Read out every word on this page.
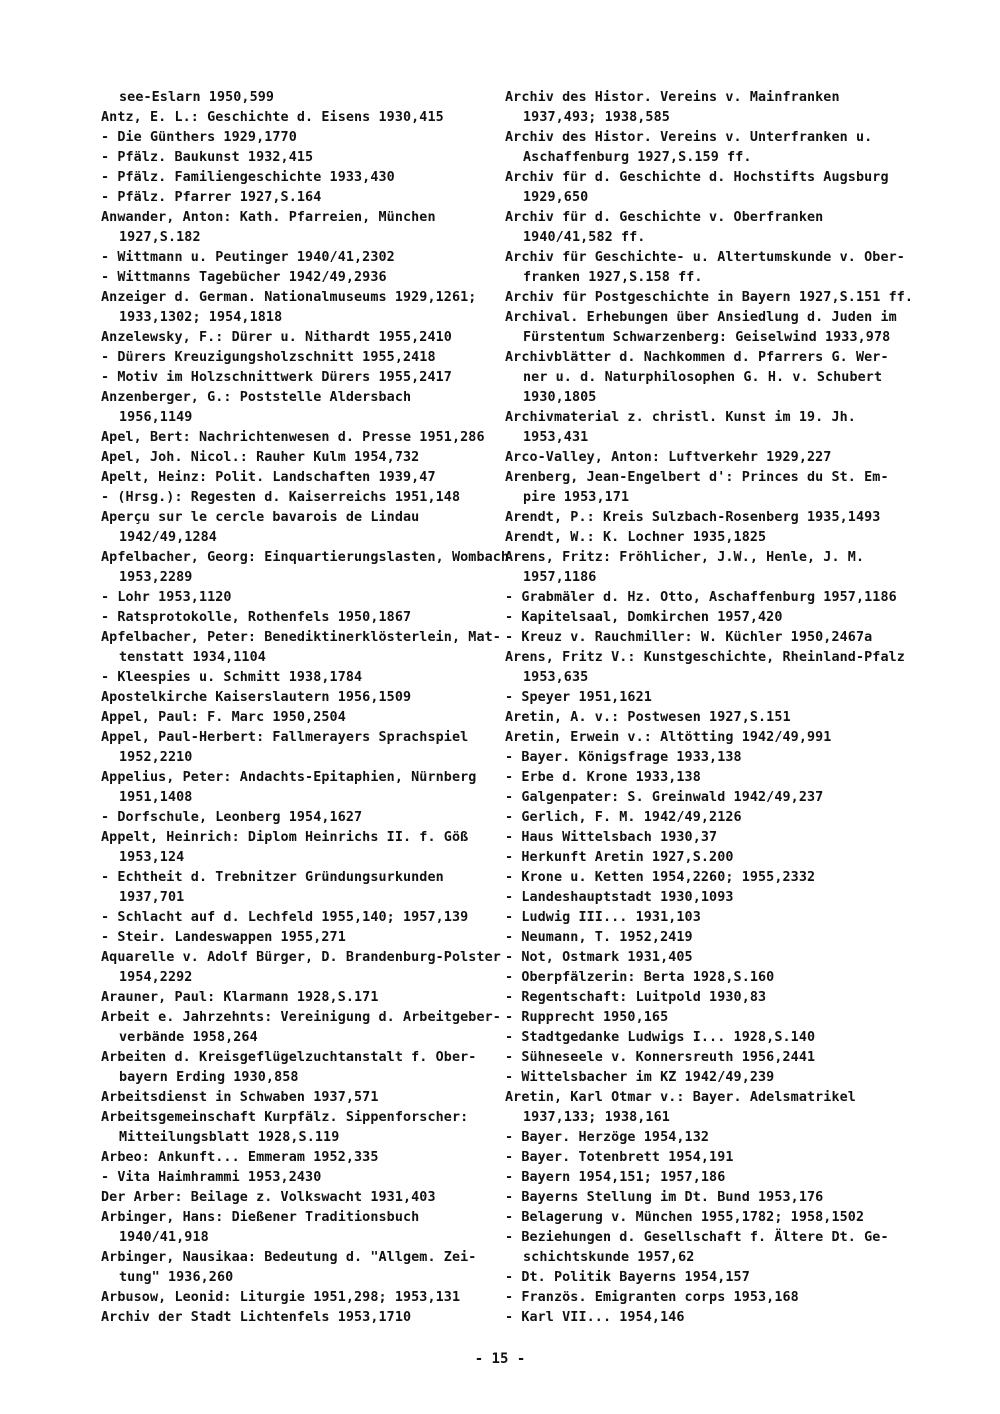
see-Eslarn 1950,599
Antz, E. L.: Geschichte d. Eisens 1930,415
- Die Günthers 1929,1770
- Pfälz. Baukunst 1932,415
- Pfälz. Familiengeschichte 1933,430
- Pfälz. Pfarrer 1927,S.164
Anwander, Anton: Kath. Pfarreien, München
1927,S.182
- Wittmann u. Peutinger 1940/41,2302
- Wittmanns Tagebücher 1942/49,2936
Anzeiger d. German. Nationalmuseums 1929,1261;
1933,1302; 1954,1818
Anzelewsky, F.: Dürer u. Nithardt 1955,2410
- Dürers Kreuzigungsholzschnitt 1955,2418
- Motiv im Holzschnittwerk Dürers 1955,2417
Anzenberger, G.: Poststelle Aldersbach
1956,1149
Apel, Bert: Nachrichtenwesen d. Presse 1951,286
Apel, Joh. Nicol.: Rauher Kulm 1954,732
Apelt, Heinz: Polit. Landschaften 1939,47
- (Hrsg.): Regesten d. Kaiserreichs 1951,148
Aperçu sur le cercle bavarois de Lindau
1942/49,1284
Apfelbacher, Georg: Einquartierungslasten, Wombach
1953,2289
- Lohr 1953,1120
- Ratsprotokolle, Rothenfels 1950,1867
Apfelbacher, Peter: Benediktinerklösterlein, Mat-
tenstatt 1934,1104
- Kleespies u. Schmitt 1938,1784
Apostelkirche Kaiserslautern 1956,1509
Appel, Paul: F. Marc 1950,2504
Appel, Paul-Herbert: Fallmerayers Sprachspiel
1952,2210
Appelius, Peter: Andachts-Epitaphien, Nürnberg
1951,1408
- Dorfschule, Leonberg 1954,1627
Appelt, Heinrich: Diplom Heinrichs II. f. Göß
1953,124
- Echtheit d. Trebnitzer Gründungsurkunden
1937,701
- Schlacht auf d. Lechfeld 1955,140; 1957,139
- Steir. Landeswappen 1955,271
Aquarelle v. Adolf Bürger, D. Brandenburg-Polster
1954,2292
Arauner, Paul: Klarmann 1928,S.171
Arbeit e. Jahrzehnts: Vereinigung d. Arbeitgeber-
verbände 1958,264
Arbeiten d. Kreisgeflügelzuchtanstalt f. Ober-
bayern Erding 1930,858
Arbeitsdienst in Schwaben 1937,571
Arbeitsgemeinschaft Kurpfälz. Sippenforscher:
Mitteilungsblatt 1928,S.119
Arbeo: Ankunft... Emmeram 1952,335
- Vita Haimhrammi 1953,2430
Der Arber: Beilage z. Volkswacht 1931,403
Arbinger, Hans: Dießener Traditionsbuch
1940/41,918
Arbinger, Nausikaa: Bedeutung d. "Allgem. Zei-
tung" 1936,260
Arbusow, Leonid: Liturgie 1951,298; 1953,131
Archiv der Stadt Lichtenfels 1953,1710
Archiv des Histor. Vereins v. Mainfranken
1937,493; 1938,585
Archiv des Histor. Vereins v. Unterfranken u.
Aschaffenburg 1927,S.159 ff.
Archiv für d. Geschichte d. Hochstifts Augsburg
1929,650
Archiv für d. Geschichte v. Oberfranken
1940/41,582 ff.
Archiv für Geschichte- u. Altertumskunde v. Ober-
franken 1927,S.158 ff.
Archiv für Postgeschichte in Bayern 1927,S.151 ff.
Archival. Erhebungen über Ansiedlung d. Juden im
Fürstentum Schwarzenberg: Geiselwind 1933,978
Archivblätter d. Nachkommen d. Pfarrers G. Wer-
ner u. d. Naturphilosophen G. H. v. Schubert
1930,1805
Archivmaterial z. christl. Kunst im 19. Jh.
1953,431
Arco-Valley, Anton: Luftverkehr 1929,227
Arenberg, Jean-Engelbert d': Princes du St. Em-
pire 1953,171
Arendt, P.: Kreis Sulzbach-Rosenberg 1935,1493
Arendt, W.: K. Lochner 1935,1825
Arens, Fritz: Fröhlicher, J.W., Henle, J. M.
1957,1186
- Grabmäler d. Hz. Otto, Aschaffenburg 1957,1186
- Kapitelsaal, Domkirchen 1957,420
- Kreuz v. Rauchmiller: W. Küchler 1950,2467a
Arens, Fritz V.: Kunstgeschichte, Rheinland-Pfalz
1953,635
- Speyer 1951,1621
Aretin, A. v.: Postwesen 1927,S.151
Aretin, Erwein v.: Altötting 1942/49,991
- Bayer. Königsfrage 1933,138
- Erbe d. Krone 1933,138
- Galgenpater: S. Greinwald 1942/49,237
- Gerlich, F. M. 1942/49,2126
- Haus Wittelsbach 1930,37
- Herkunft Aretin 1927,S.200
- Krone u. Ketten 1954,2260; 1955,2332
- Landeshauptstadt 1930,1093
- Ludwig III... 1931,103
- Neumann, T. 1952,2419
- Not, Ostmark 1931,405
- Oberpfälzerin: Berta 1928,S.160
- Regentschaft: Luitpold 1930,83
- Rupprecht 1950,165
- Stadtgedanke Ludwigs I... 1928,S.140
- Sühneseele v. Konnersreuth 1956,2441
- Wittelsbacher im KZ 1942/49,239
Aretin, Karl Otmar v.: Bayer. Adelsmatrikel
1937,133; 1938,161
- Bayer. Herzöge 1954,132
- Bayer. Totenbrett 1954,191
- Bayern 1954,151; 1957,186
- Bayerns Stellung im Dt. Bund 1953,176
- Belagerung v. München 1955,1782; 1958,1502
- Beziehungen d. Gesellschaft f. Ältere Dt. Ge-
schichtskunde 1957,62
- Dt. Politik Bayerns 1954,157
- Französ. Emigranten corps 1953,168
- Karl VII... 1954,146
- 15 -
